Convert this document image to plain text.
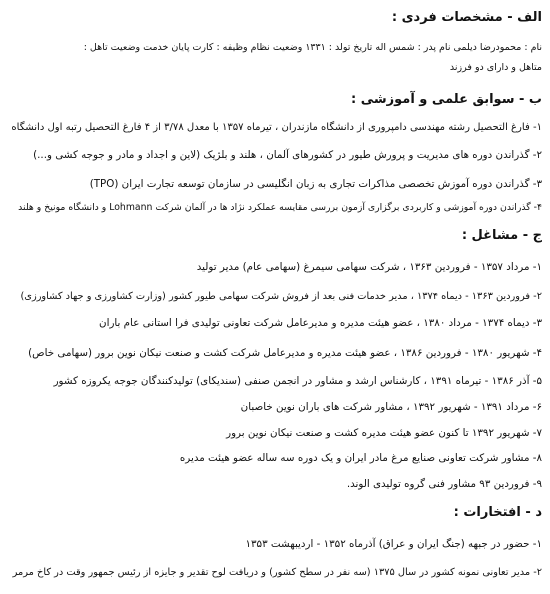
الف - مشخصات فردی :
نام : محمودرضا دیلمی نام پدر : شمس اله تاریخ تولد : ۱۳۳۱ وضعیت نظام وظیفه : کارت پایان خدمت وضعیت تاهل :
متاهل و دارای دو فرزند
ب - سوابق علمی و آموزشی :
۱- فارغ التحصیل رشته مهندسی دامپروری از دانشگاه مازندران ، تیرماه ۱۳۵۷ با معدل ۳/۷۸ از ۴ فارغ التحصیل رتبه اول دانشگاه
۲- گذراندن دوره های مدیریت و پرورش طیور در کشورهای آلمان ، هلند و بلژیک (لاین و اجداد و مادر و جوجه کشی و...)
۳- گذراندن دوره آموزش تخصصی مذاکرات تجاری به زبان انگلیسی در سازمان توسعه تجارت ایران (TPO)
۴- گذراندن دوره آموزشی و کاربردی برگزاری آزمون بررسی مقایسه عملکرد نژاد ها در آلمان شرکت Lohmann و دانشگاه مونیخ و هلند
ج - مشاغل :
۱- مرداد ۱۳۵۷ - فروردین ۱۳۶۳ ، شرکت سهامی سیمرغ (سهامی عام) مدیر تولید
۲- فروردین ۱۳۶۳ - دیماه ۱۳۷۴ ، مدیر خدمات فنی بعد از فروش شرکت سهامی طیور کشور (وزارت کشاورزی و جهاد کشاورزی)
۳- دیماه ۱۳۷۴ - مرداد ۱۳۸۰ ، عضو هیئت مدیره و مدیرعامل شرکت تعاونی تولیدی فرا استانی عام باران
۴- شهریور ۱۳۸۰ - فروردین ۱۳۸۶ ، عضو هیئت مدیره و مدیرعامل شرکت کشت و صنعت نیکان نوین برور (سهامی خاص)
۵- آذر ۱۳۸۶ - تیرماه ۱۳۹۱ ، کارشناس ارشد و مشاور در انجمن صنفی (سندیکای) تولیدکنندگان جوجه یکروزه کشور
۶- مرداد ۱۳۹۱ - شهریور ۱۳۹۲ ، مشاور شرکت های باران نوین خاصبان
۷- شهریور ۱۳۹۲ تا کنون عضو هیئت مدیره کشت و صنعت نیکان نوین برور
۸- مشاور شرکت تعاونی صنایع مرغ مادر ایران و یک دوره سه ساله عضو هیئت مدیره
۹- فروردین ۹۳ مشاور فنی گروه تولیدی الوند.
د - افتخارات :
۱- حضور در جبهه (جنگ ایران و عراق) آذرماه ۱۳۵۲ - اردیبهشت ۱۳۵۳
۲- مدیر تعاونی نمونه کشور در سال ۱۳۷۵ (سه نفر در سطح کشور) و دریافت لوح تقدیر و جایزه از رئیس جمهور وقت در کاخ مرمر
